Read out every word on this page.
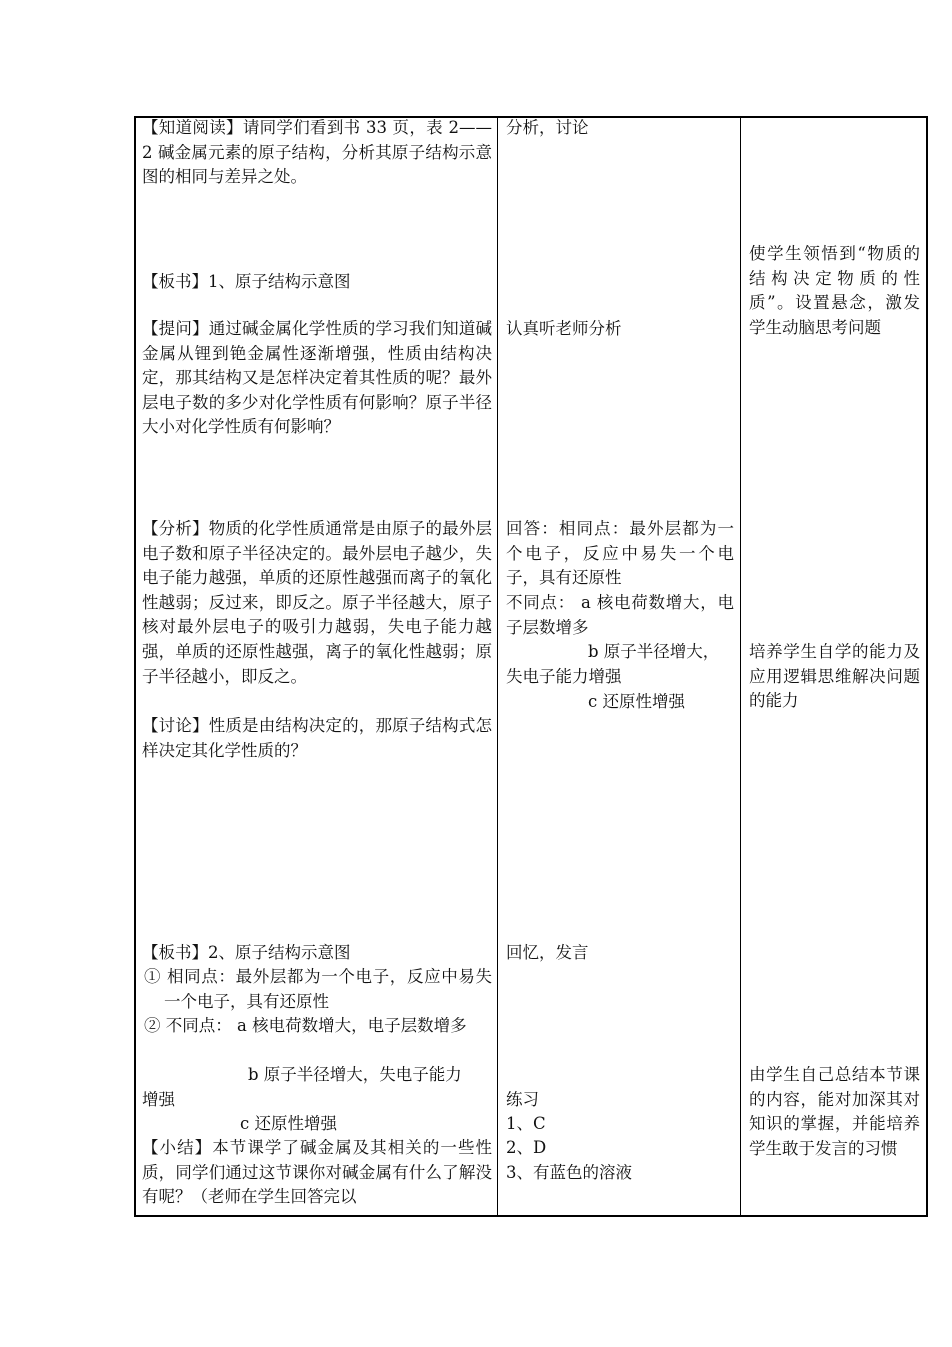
【知道阅读】请同学们看到书 33 页，表 2——2 碱金属元素的原子结构，分析其原子结构示意图的相同与差异之处。

【板书】1、原子结构示意图

【提问】通过碱金属化学性质的学习我们知道碱金属从锂到铯金属性逐渐增强，性质由结构决定，那其结构又是怎样决定着其性质的呢？最外层电子数的多少对化学性质有何影响？原子半径大小对化学性质有何影响？

【分析】物质的化学性质通常是由原子的最外层电子数和原子半径决定的。最外层电子越少，失电子能力越强，单质的还原性越强而离子的氧化性越弱；反过来，即反之。原子半径越大，原子核对最外层电子的吸引力越弱，失电子能力越强，单质的还原性越强，离子的氧化性越弱；原子半径越小，即反之。

【讨论】性质是由结构决定的，那原子结构式怎样决定其化学性质的？

【板书】2、原子结构示意图

① 相同点：最外层都为一个电子，反应中易失一个电子，具有还原性

② 不同点： a 核电荷数增大，电子层数增多

b 原子半径增大，失电子能力

增强

c 还原性增强

【小结】本节课学了碱金属及其相关的一些性质，同学们通过这节课你对碱金属有什么了解没有呢？（老师在学生回答完以

分析，讨论

认真听老师分析

回答：相同点：最外层都为一个电子，反应中易失一个电子，具有还原性

不同点： a 核电荷数增大，电子层数增多

b 原子半径增大，失电子能力增强

c 还原性增强

回忆，发言

练习

1、C

2、D

3、有蓝色的溶液

使学生领悟到“物质的结构决定物质的性质”。设置悬念，激发学生动脑思考问题

培养学生自学的能力及应用逻辑思维解决问题的能力

由学生自己总结本节课的内容，能对加深其对知识的掌握，并能培养学生敢于发言的习惯
